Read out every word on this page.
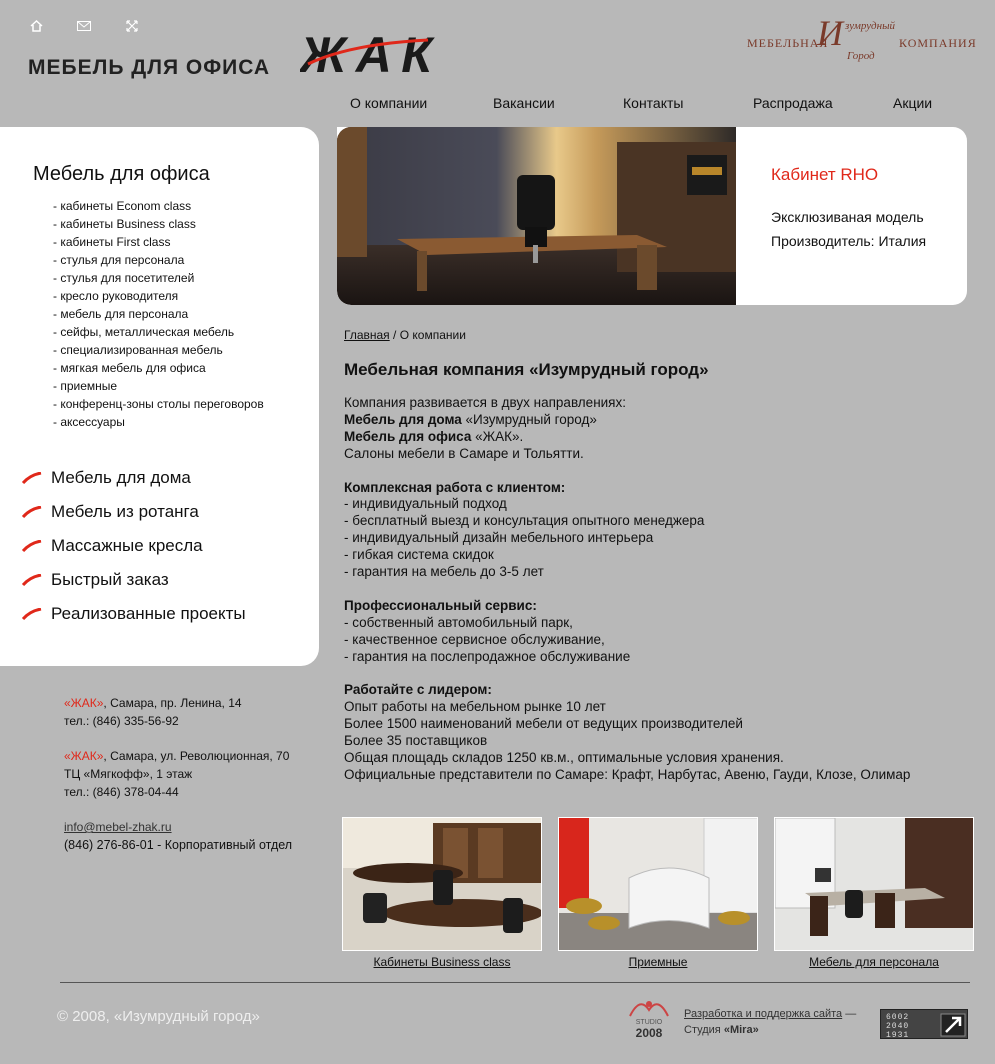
МЕБЕЛЬ ДЛЯ ОФИСА ЖАК	МЕБЕЛЬНАЯ
И зумрудный
Город
КОМПАНИЯ
О компании	Вакансии	Контакты	Распродажа	Акции
Мебель для офиса
- кабинеты Econom class
- кабинеты Business class
- кабинеты First class
- стулья для персонала
- стулья для посетителей
- кресло руководителя
- мебель для персонала
- сейфы, металлическая мебель
- специализированная мебель
- мягкая мебель для офиса
- приемные
- конференц-зоны столы переговоров
- аксессуары
Мебель для дома
Мебель из ротанга
Массажные кресла
Быстрый заказ
Реализованные проекты
Кабинет RHO
Эксклюзиваная модель
Производитель: Италия
Главная / О компании
Мебельная компания «Изумрудный город»

Компания развивается в двух направлениях:

Мебель для дома «Изумрудный город»

Мебель для офиса «ЖАК».

Салоны мебели в Самаре и Тольятти.

Комплексная работа с клиентом:

- индивидуальный подход

- бесплатный выезд и консультация опытного менеджера

- индивидуальный дизайн мебельного интерьера

- гибкая система скидок

- гарантия на мебель до 3-5 лет

Профессиональный сервис:

- собственный автомобильный парк,

- качественное сервисное обслуживание,

- гарантия на послепродажное обслуживание

Работайте с лидером:

Опыт работы на мебельном рынке 10 лет

Более 1500 наименований мебели от ведущих производителей

Более 35 поставщиков

Общая площадь складов 1250 кв.м., оптимальные условия хранения.

Официальные представители по Самаре: Крафт, Нарбутас, Авеню, Гауди, Клозе, Олимар

«ЖАК», Самара, пр. Ленина, 14
тел.: (846) 335-56-92
«ЖАК», Самара, ул. Революционная, 70
ТЦ «Мягкофф», 1 этаж
тел.: (846) 378-04-44
info@mebel-zhak.ru
(846) 276-86-01 - Корпоративный отдел
Кабинеты Business class	Приемные	Мебель для персонала
© 2008, «Изумрудный город»	STUDIO
2008
Разработка и поддержка сайта —
Студия «Mira»
6002
2040
1931
